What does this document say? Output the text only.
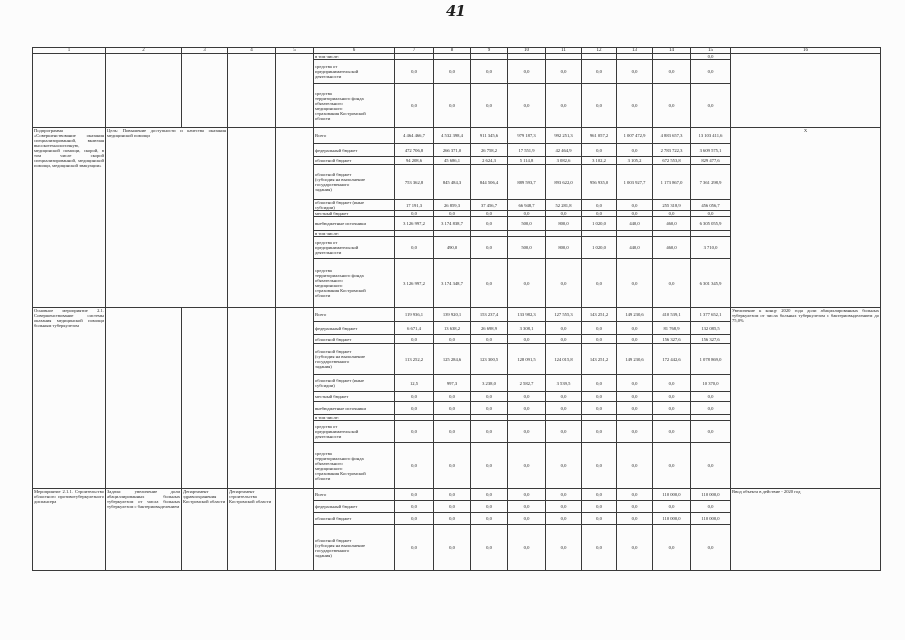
41
1	2	3	4	5	6	7	8	9	10	11	12	13	14	15	16

					в том числе:									0,0	

					средства от предпринимательской деятельности	0,0	0,0	0,0	0,0	0,0	0,0	0,0	0,0	0,0	

					средства территориального фонда обязательного медицинского страхования Костромской области	0,0	0,0	0,0	0,0	0,0	0,0	0,0	0,0	0,0	
Подпрограмма «Совершенствование оказания специализированной, включая высокотехнологичную, медицинской помощи, скорой, в том числе скорой специализированной, медицинской помощи, медицинской эвакуации»	Цель: Повышение доступности и качества оказания медицинской помощи				Всего	4 464 466,7	4 532 398,4	911 345,6	979 187,3	992 251,3	961 057,2	1 007 472,9	4 883 657,3	13 103 411,6	Х

					федеральный бюджет	472 706,8	266 371,0	26 758,2	17 551,9	42 464,9	0,0	0,0	2 783 722,3	3 609 575,1	

					областной бюджет	94 208,6	45 686,1	2 624,3	5 114,8	3 082,6	3 102,2	3 105,2	672 553,8	829 477,6	

					областной бюджет (субсидия на выполнение государственного задания)	753 362,8	845 484,3	844 506,4	889 593,7	893 622,0	956 935,0	1 003 927,7	1 173 867,0	7 361 298,9	

					областной бюджет (иные субсидии)	17 191,3	26 859,3	37 456,7	66 948,7	52 281,8	0,0	0,0	255 318,9	456 056,7	

					местный бюджет	0,0	0,0	0,0	0,0	0,0	0,0	0,0	0,0	0,0	

					внебюджетные источники	3 126 997,2	3 174 838,7	0,0	500,0	800,0	1 020,0	440,0	460,0	6 305 055,9	

					в том числе:										

					средства от предпринимательской деятельности	0,0	490,0	0,0	500,0	800,0	1 020,0	440,0	460,0	3 710,0	

					средства территориального фонда обязательного медицинского страхования Костромской области	3 126 997,2	3 174 348,7	0,0	0,0	0,0	0,0	0,0	0,0	6 301 345,9	
Основное мероприятие 2.1. Совершенствование системы оказания медицинской помощи больным туберкулезом					Всего	119 936,1	139 920,1	153 237,4	133 982,3	127 555,3	143 251,2	149 230,6	410 539,1	1 377 652,1	Увеличение к концу 2020 года доли абациллированных больных туберкулезом от числа больных туберкулезом с бактериовыделением до 75,0%

					федеральный бюджет	6 671,4	13 638,2	26 698,9	3 308,1	0,0	0,0	0,0	81 768,9	132 085,5	

					областной бюджет	0,0	0,0	0,0	0,0	0,0	0,0	0,0	156 327,6	156 327,6	

					областной бюджет (субсидия на выполнение государственного задания)	113 252,2	125 284,6	123 300,5	128 091,5	124 015,8	143 251,2	149 230,6	172 442,6	1 078 869,0	

					областной бюджет (иные субсидии)	12,5	997,3	3 238,0	2 582,7	3 539,5	0,0	0,0	0,0	10 370,0	

					местный бюджет	0,0	0,0	0,0	0,0	0,0	0,0	0,0	0,0	0,0	

					внебюджетные источники	0,0	0,0	0,0	0,0	0,0	0,0	0,0	0,0	0,0	

					в том числе:										

					средства от предпринимательской деятельности	0,0	0,0	0,0	0,0	0,0	0,0	0,0	0,0	0,0	

					средства территориального фонда обязательного медицинского страхования Костромской области	0,0	0,0	0,0	0,0	0,0	0,0	0,0	0,0	0,0	
Мероприятие 2.1.1. Строительство областного противотуберкулезного диспансера	Задача: увеличение доли абациллированных больных туберкулезом от числа больных туберкулезом с бактериовыделением	Департамент здравоохранения Костромской области	Департамент строительства Костромской области		Всего	0,0	0,0	0,0	0,0	0,0	0,0	0,0	110 000,0	110 000,0	Ввод объекта в действие - 2020 год

					федеральный бюджет	0,0	0,0	0,0	0,0	0,0	0,0	0,0	0,0	0,0	

					областной бюджет	0,0	0,0	0,0	0,0	0,0	0,0	0,0	110 000,0	110 000,0	

					областной бюджет (субсидия на выполнение государственного задания)	0,0	0,0	0,0	0,0	0,0	0,0	0,0	0,0	0,0	
